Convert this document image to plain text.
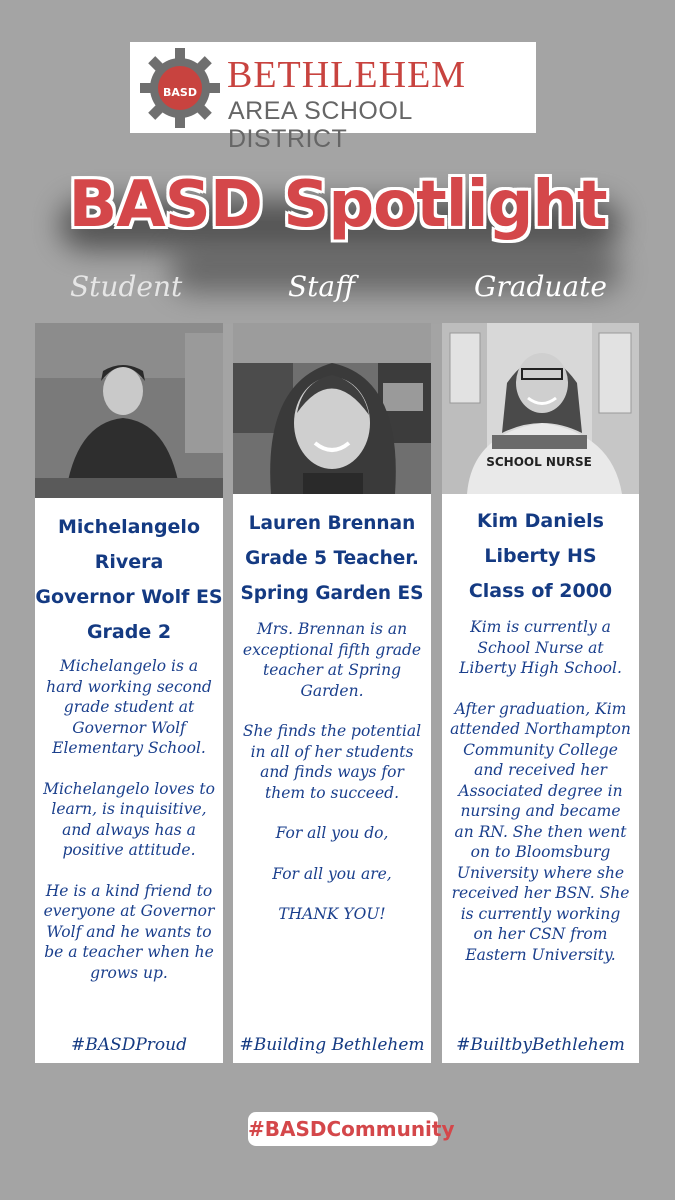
BASD BETHLEHEM
AREA SCHOOL DISTRICT
BASD Spotlight
Student	Staff	Graduate
Michelangelo Rivera
Governor Wolf ES
Grade 2

Michelangelo is a hard working second grade student at Governor Wolf Elementary School.

Michelangelo loves to learn, is inquisitive, and always has a positive attitude.

He is a kind friend to everyone at Governor Wolf and he wants to be a teacher when he grows up.

#BASDProud
Lauren Brennan
Grade 5 Teacher.
Spring Garden ES

Mrs. Brennan is an exceptional fifth grade teacher at Spring Garden.

She finds the potential in all of her students and finds ways for them to succeed.

For all you do,

For all you are,

THANK YOU!

#Building Bethlehem
SCHOOL NURSE
Kim Daniels
Liberty HS
Class of 2000

Kim is currently a School Nurse at Liberty High School.

After graduation, Kim attended Northampton Community College and received her Associated degree in nursing and became an RN. She then went on to Bloomsburg University where she received her BSN. She is currently working on her CSN from Eastern University.

#BuiltbyBethlehem
#BASDCommunity
